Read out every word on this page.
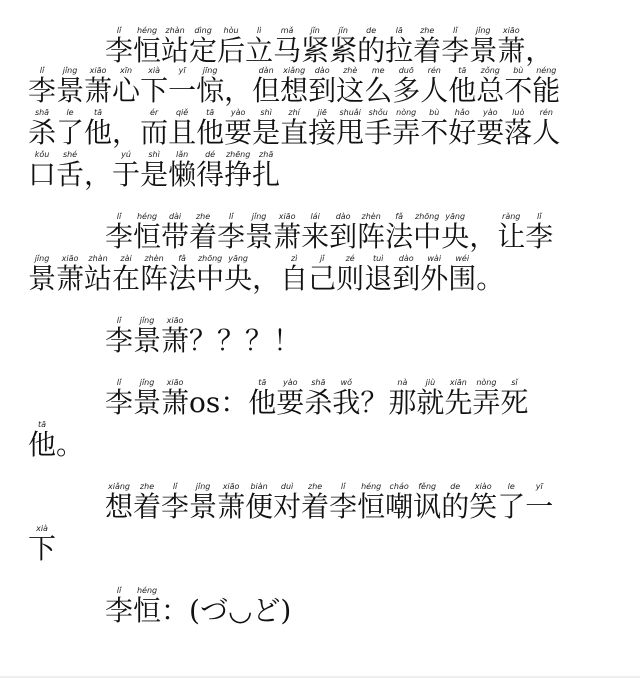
李lǐ恒héng站zhàn定dìng后hòu立lì马mǎ紧jǐn紧jǐn的de拉lā着zhe李lǐ景jǐng萧xiāo，
李lǐ景jǐng萧xiāo心xīn下xià一yī惊jīng，但dàn想xiǎng到dào这zhè么me多duō人rén他tā总zǒng不bù能néng
杀shā了le他tā，而ér且qiě他tā要yào是shì直zhí接jiē甩shuǎi手shǒu弄nòng不bù好hǎo要yào落luò人rén
口kǒu舌shé，于yú是shì懒lǎn得dé挣zhēng扎zhā
李lǐ恒héng带dài着zhe李lǐ景jǐng萧xiāo来lái到dào阵zhèn法fǎ中zhōng央yāng，让ràng李lǐ
景jǐng萧xiāo站zhàn在zài阵zhèn法fǎ中zhōng央yāng，自zì己jǐ则zé退tuì到dào外wài围wéi。
李lǐ景jǐng萧xiāo？？？！
李lǐ景jǐng萧xiāoos：他tā要yào杀shā我wǒ？那nà就jiù先xiān弄nòng死sǐ
他tā。
想xiǎng着zhe李lǐ景jǐng萧xiāo便biàn对duì着zhe李lǐ恒héng嘲cháo讽fěng的de笑xiào了le一yī
下xià
李lǐ恒héng：(づ◡ど)
